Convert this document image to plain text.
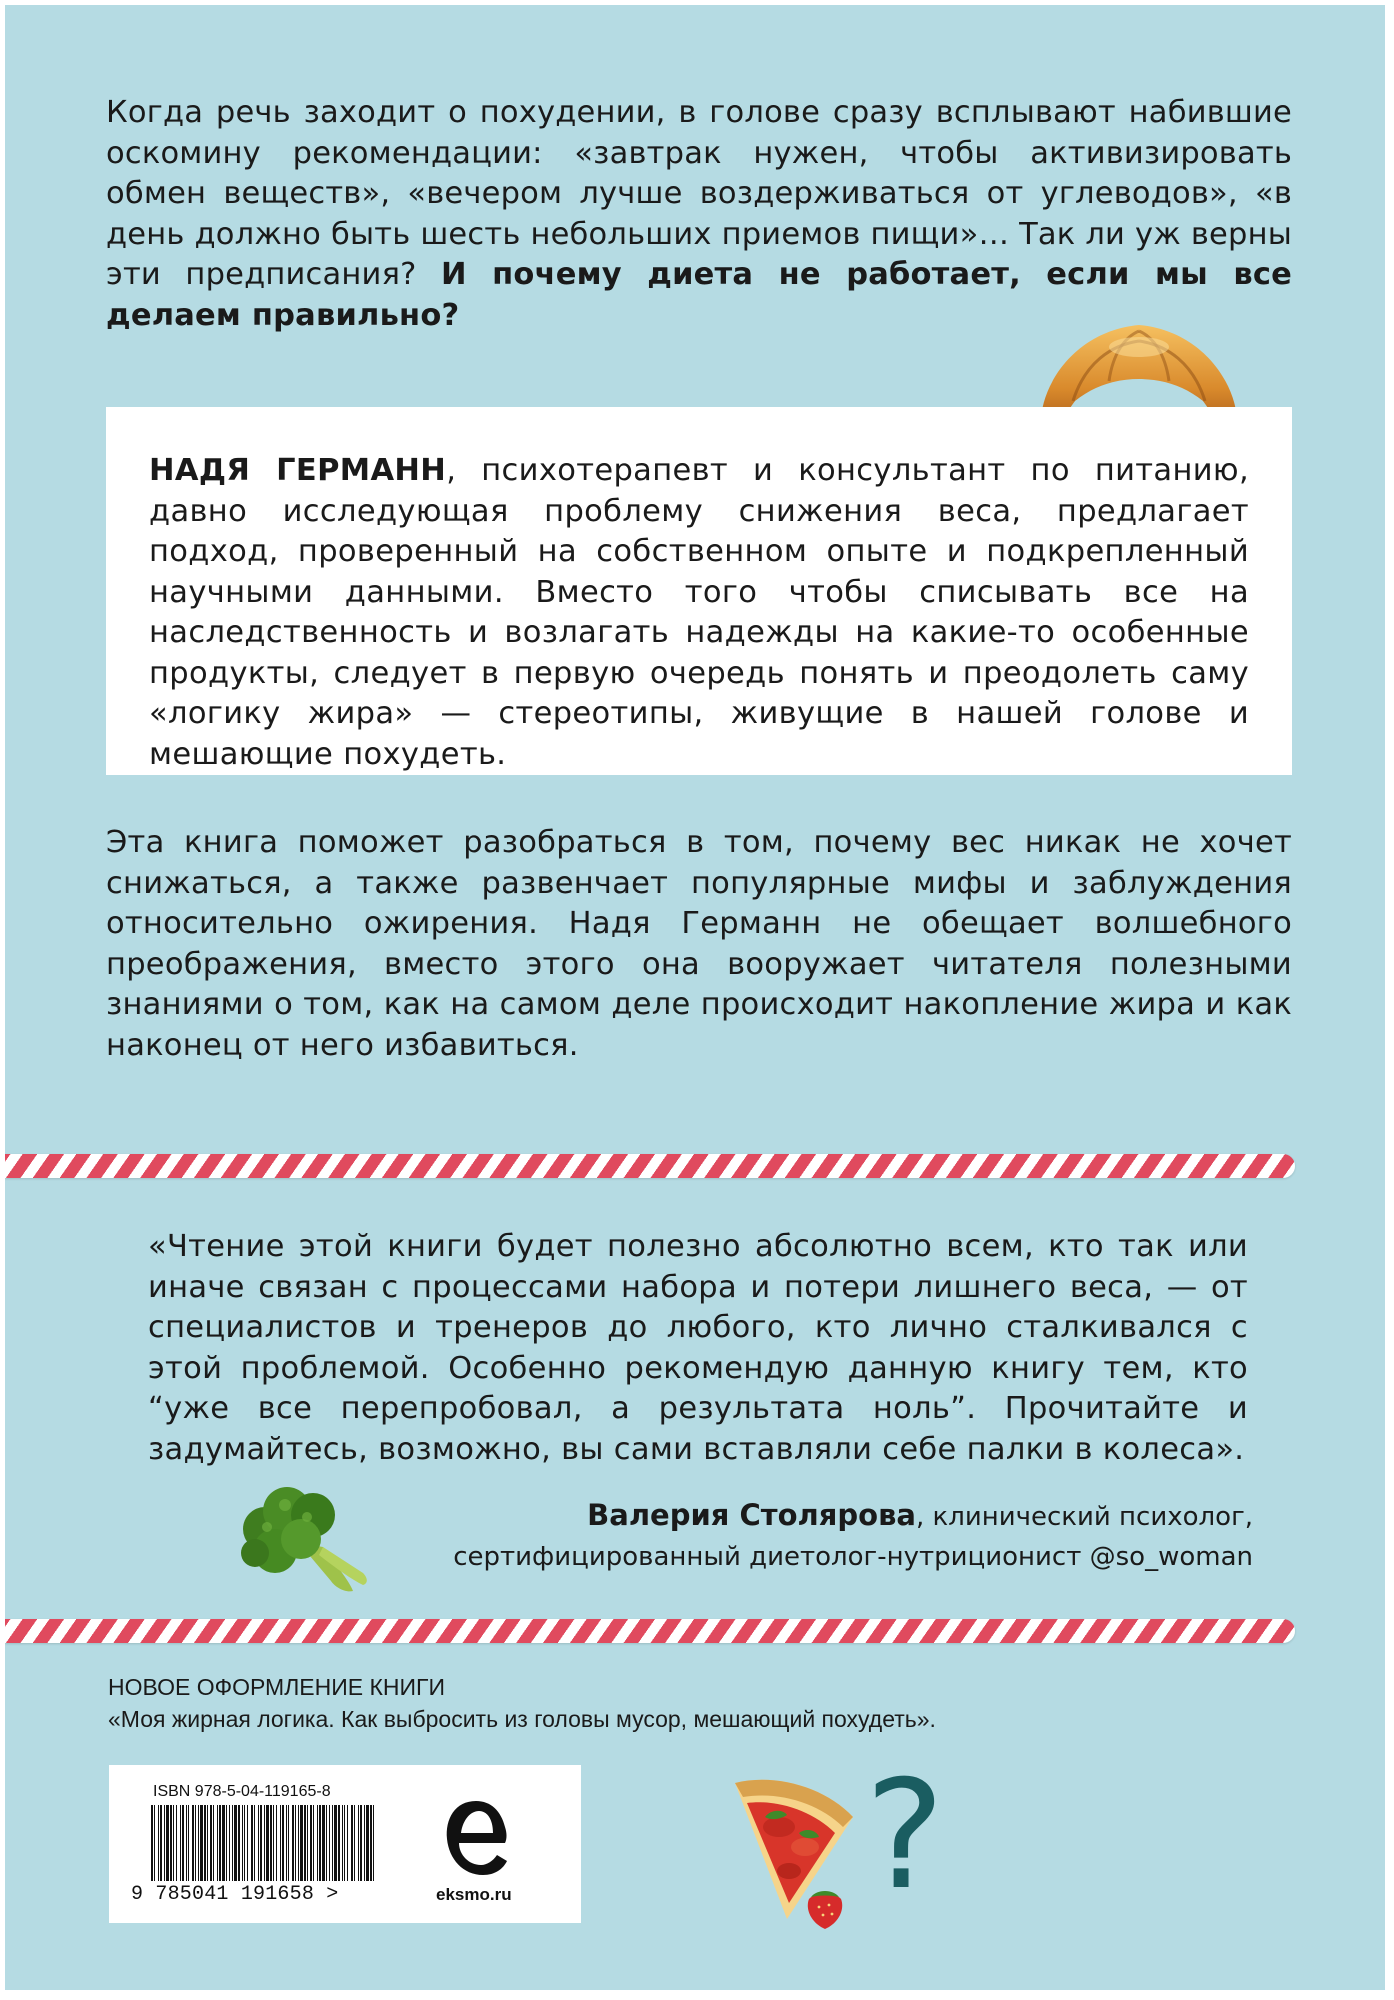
Когда речь заходит о похудении, в голове сразу всплывают набившие оскомину рекомендации: «завтрак нужен, чтобы активизировать обмен веществ», «вечером лучше воздерживаться от углеводов», «в день должно быть шесть небольших приемов пищи»… Так ли уж верны эти предписания? И почему диета не работает, если мы все делаем правильно?

НАДЯ ГЕРМАНН, психотерапевт и консультант по питанию, давно исследующая проблему снижения веса, предлагает подход, проверенный на собственном опыте и подкрепленный научными данными. Вместо того чтобы списывать все на наследственность и возлагать надежды на какие-то особенные продукты, следует в первую очередь понять и преодолеть саму «логику жира» — стереотипы, живущие в нашей голове и мешающие похудеть.

Эта книга поможет разобраться в том, почему вес никак не хочет снижаться, а также развенчает популярные мифы и заблуждения относительно ожирения. Надя Германн не обещает волшебного преображения, вместо этого она вооружает читателя полезными знаниями о том, как на самом деле происходит накопление жира и как наконец от него избавиться.

«Чтение этой книги будет полезно абсолютно всем, кто так или иначе связан с процессами набора и потери лишнего веса, — от специалистов и тренеров до любого, кто лично сталкивался с этой проблемой. Особенно рекомендую данную книгу тем, кто “уже все перепробовал, а результата ноль”. Прочитайте и задумайтесь, возможно, вы сами вставляли себе палки в колеса».

Валерия Столярова, клинический психолог,
сертифицированный диетолог-нутриционист @so_woman
НОВОЕ ОФОРМЛЕНИЕ КНИГИ
«Моя жирная логика. Как выбросить из головы мусор, мешающий похудеть».
ISBN 978-5-04-119165-8
9 785041 191658 >	eksmo.ru ?
